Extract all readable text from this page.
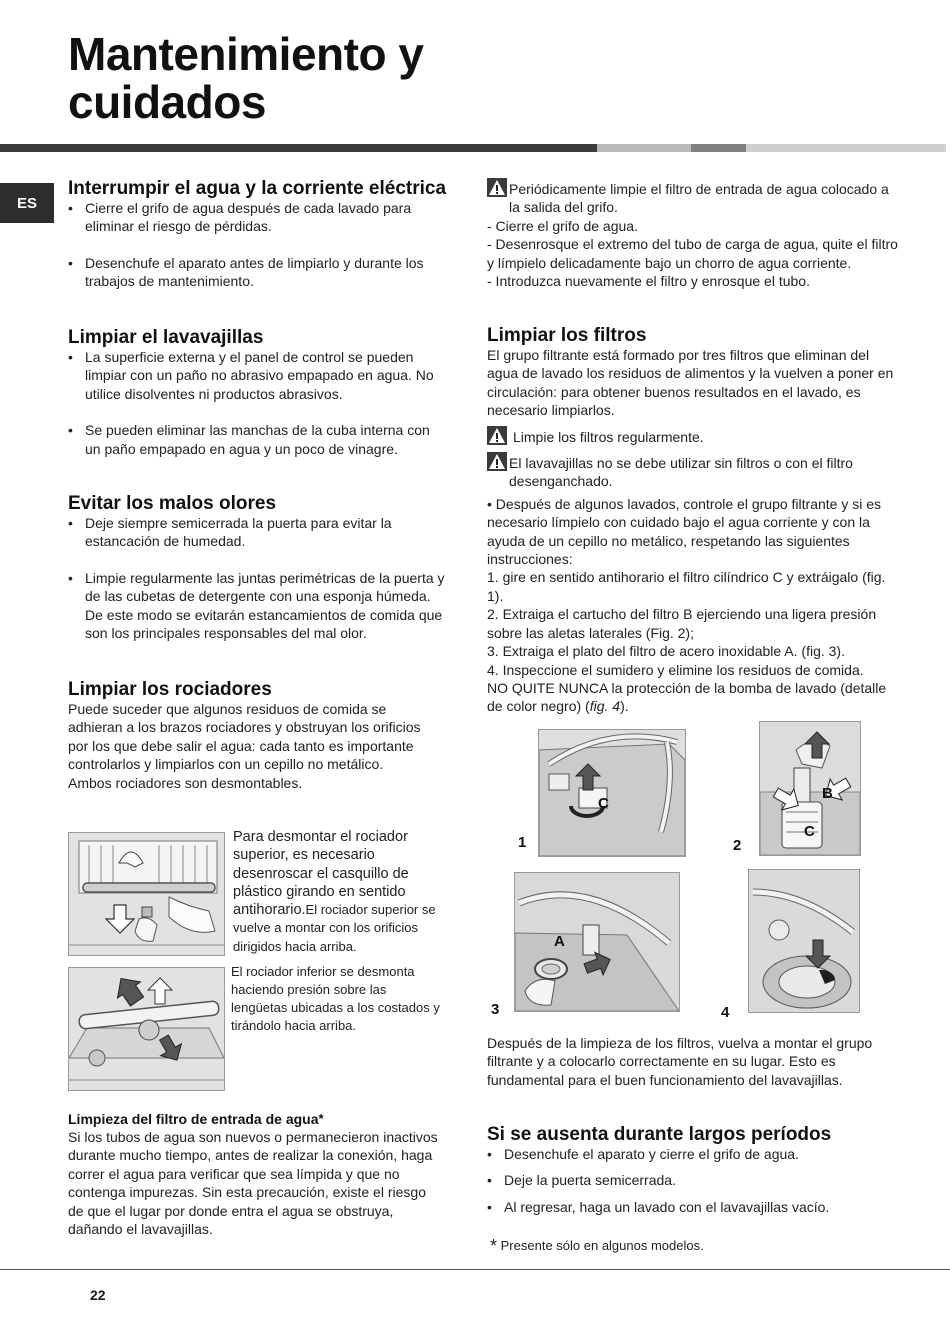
Mantenimiento y
cuidados
ES
Interrumpir el agua y la corriente eléctrica
• Cierre el grifo de agua después de cada lavado para eliminar el riesgo de pérdidas.
• Desenchufe el aparato antes de limpiarlo y durante los trabajos de mantenimiento.
Limpiar el lavavajillas
• La superficie externa y el panel de control se pueden limpiar con un paño no abrasivo empapado en agua. No utilice disolventes ni productos abrasivos.
• Se pueden eliminar las manchas de la cuba interna con un paño empapado en agua y un poco de vinagre.
Evitar los malos olores
• Deje siempre semicerrada la puerta para evitar la estancación de humedad.
• Limpie regularmente las juntas perimétricas de la puerta y de las cubetas de detergente con una esponja húmeda. De este modo se evitarán estancamientos de comida que son los principales responsables del mal olor.
Limpiar los rociadores

Puede suceder que algunos residuos de comida se adhieran a los brazos rociadores y obstruyan los orificios por los que debe salir el agua: cada tanto es importante controlarlos y limpiarlos con un cepillo no metálico.

Ambos rociadores son desmontables.

Para desmontar el rociador superior, es necesario desenroscar el casquillo de plástico girando en sentido antihorario.

El rociador superior se vuelve a montar con los orificios dirigidos hacia arriba.

El rociador inferior se desmonta haciendo presión sobre las lengüetas ubicadas a los costados y tirándolo hacia arriba.

Limpieza del filtro de entrada de agua*

Si los tubos de agua son nuevos o permanecieron inactivos durante mucho tiempo, antes de realizar la conexión, haga correr el agua para verificar que sea límpida y que no contenga impurezas. Sin esta precaución, existe el riesgo de que el lugar por donde entra el agua se obstruya, dañando el lavavajillas.

Periódicamente limpie el filtro de entrada de agua colocado a la salida del grifo.

- Cierre el grifo de agua.

- Desenrosque el extremo del tubo de carga de agua, quite el filtro y límpielo delicadamente bajo un chorro de agua corriente.

- Introduzca nuevamente el filtro y enrosque el tubo.

Limpiar los filtros

El grupo filtrante está formado por tres filtros que eliminan del agua de lavado los residuos de alimentos y la vuelven a poner en circulación: para obtener buenos resultados en el lavado, es necesario limpiarlos.

Limpie los filtros regularmente.

El lavavajillas no se debe utilizar sin filtros o con el filtro desenganchado.

• Después de algunos lavados, controle el grupo filtrante y si es necesario límpielo con cuidado bajo el agua corriente y con la ayuda de un cepillo no metálico, respetando las siguientes instrucciones:

1. gire en sentido antihorario el filtro cilíndrico C y extráigalo (fig. 1).

2. Extraiga el cartucho del filtro B ejerciendo una ligera presión sobre las aletas laterales (Fig. 2);

3. Extraiga el plato del filtro de acero inoxidable A. (fig. 3).

4. Inspeccione el sumidero y elimine los residuos de comida.

NO QUITE NUNCA la protección de la bomba de lavado (detalle de color negro) (fig. 4).

C
1
B
C
2
A
3	4

Después de la limpieza de los filtros, vuelva a montar el grupo filtrante y a colocarlo correctamente en su lugar. Esto es fundamental para el buen funcionamiento del lavavajillas.

Si se ausenta durante largos períodos
• Desenchufe el aparato y cierre el grifo de agua.
• Deje la puerta semicerrada.
• Al regresar, haga un lavado con el lavavajillas vacío.
* Presente sólo en algunos modelos.
22
